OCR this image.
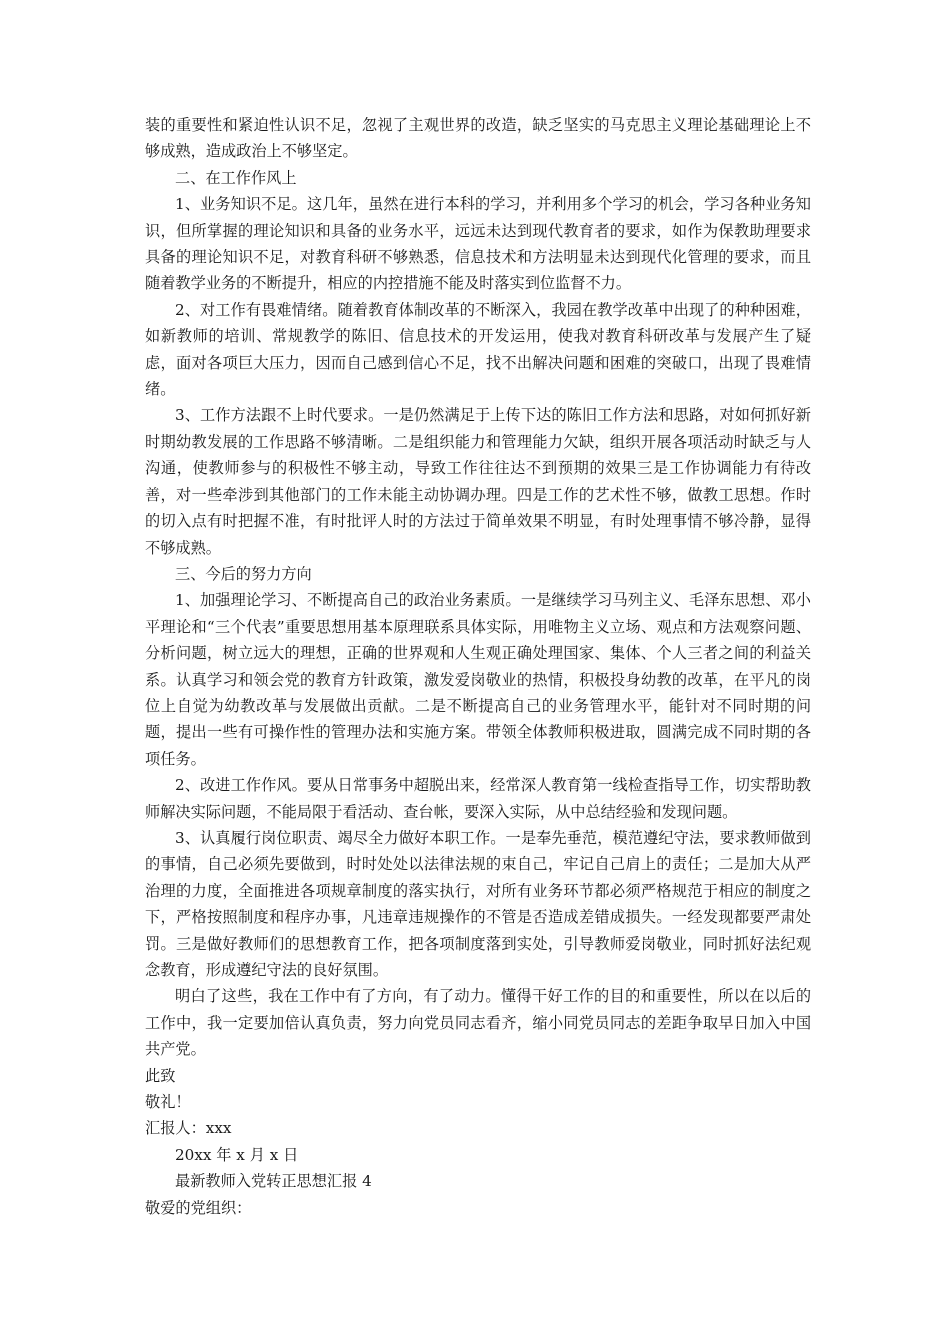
装的重要性和紧迫性认识不足，忽视了主观世界的改造，缺乏坚实的马克思主义理论基础理论上不够成熟，造成政治上不够坚定。

二、在工作作风上

1、业务知识不足。这几年，虽然在进行本科的学习，并利用多个学习的机会，学习各种业务知识，但所掌握的理论知识和具备的业务水平，远远未达到现代教育者的要求，如作为保教助理要求具备的理论知识不足，对教育科研不够熟悉，信息技术和方法明显未达到现代化管理的要求，而且随着教学业务的不断提升，相应的内控措施不能及时落实到位监督不力。

2、对工作有畏难情绪。随着教育体制改革的不断深入，我园在教学改革中出现了的种种困难，如新教师的培训、常规教学的陈旧、信息技术的开发运用，使我对教育科研改革与发展产生了疑虑，面对各项巨大压力，因而自己感到信心不足，找不出解决问题和困难的突破口，出现了畏难情绪。

3、工作方法跟不上时代要求。一是仍然满足于上传下达的陈旧工作方法和思路，对如何抓好新时期幼教发展的工作思路不够清晰。二是组织能力和管理能力欠缺，组织开展各项活动时缺乏与人沟通，使教师参与的积极性不够主动，导致工作往往达不到预期的效果三是工作协调能力有待改善，对一些牵涉到其他部门的工作未能主动协调办理。四是工作的艺术性不够，做教工思想。作时的切入点有时把握不准，有时批评人时的方法过于简单效果不明显，有时处理事情不够冷静，显得不够成熟。

三、今后的努力方向

1、加强理论学习、不断提高自己的政治业务素质。一是继续学习马列主义、毛泽东思想、邓小平理论和“三个代表”重要思想用基本原理联系具体实际，用唯物主义立场、观点和方法观察问题、分析问题，树立远大的理想，正确的世界观和人生观正确处理国家、集体、个人三者之间的利益关系。认真学习和领会党的教育方针政策，激发爱岗敬业的热情，积极投身幼教的改革，在平凡的岗位上自觉为幼教改革与发展做出贡献。二是不断提高自己的业务管理水平，能针对不同时期的问题，提出一些有可操作性的管理办法和实施方案。带领全体教师积极进取，圆满完成不同时期的各项任务。

2、改进工作作风。要从日常事务中超脱出来，经常深人教育第一线检查指导工作，切实帮助教师解决实际问题，不能局限于看活动、查台帐，要深入实际，从中总结经验和发现问题。

3、认真履行岗位职责、竭尽全力做好本职工作。一是奉先垂范，模范遵纪守法，要求教师做到的事情，自己必须先要做到，时时处处以法律法规的束自己，牢记自己肩上的责任；二是加大从严治理的力度，全面推进各项规章制度的落实执行，对所有业务环节都必须严格规范于相应的制度之下，严格按照制度和程序办事，凡违章违规操作的不管是否造成差错成损失。一经发现都要严肃处罚。三是做好教师们的思想教育工作，把各项制度落到实处，引导教师爱岗敬业，同时抓好法纪观念教育，形成遵纪守法的良好氛围。

明白了这些，我在工作中有了方向，有了动力。懂得干好工作的目的和重要性，所以在以后的工作中，我一定要加倍认真负责，努力向党员同志看齐，缩小同党员同志的差距争取早日加入中国共产党。

此致

敬礼！

汇报人：xxx

20xx 年 x 月 x 日

最新教师入党转正思想汇报 4

敬爱的党组织：
